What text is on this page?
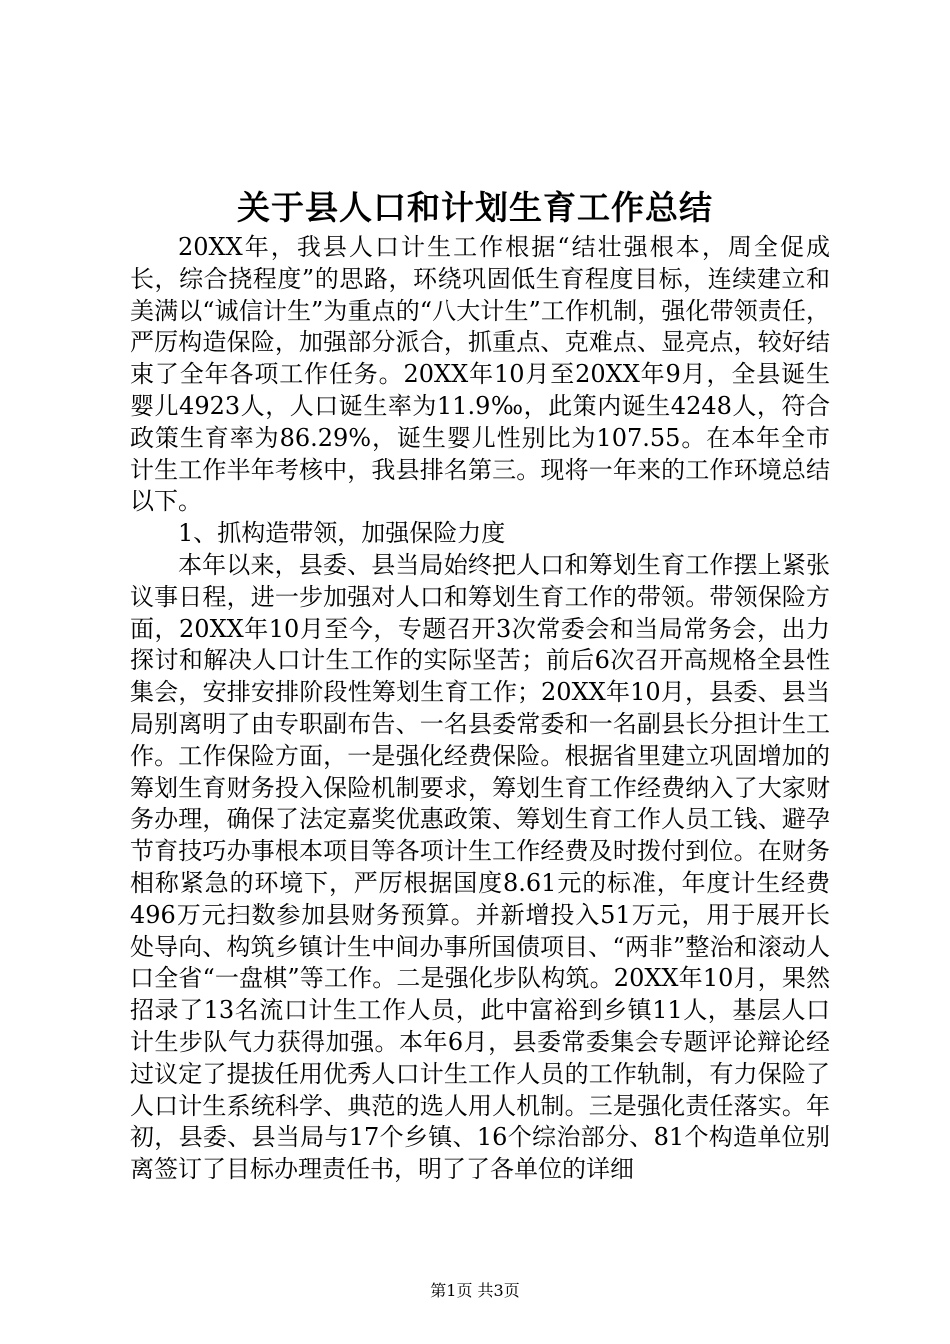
关于县人口和计划生育工作总结

20XX年，我县人口计生工作根据“结壮强根本，周全促成长，综合挠程度”的思路，环绕巩固低生育程度目标，连续建立和美满以“诚信计生”为重点的“八大计生”工作机制，强化带领责任，严厉构造保险，加强部分派合，抓重点、克难点、显亮点，较好结束了全年各项工作任务。20XX年10月至20XX年9月，全县诞生婴儿4923人，人口诞生率为11.9‰，此策内诞生4248人，符合政策生育率为86.29%，诞生婴儿性别比为107.55。在本年全市计生工作半年考核中，我县排名第三。现将一年来的工作环境总结以下。

1、抓构造带领，加强保险力度

本年以来，县委、县当局始终把人口和筹划生育工作摆上紧张议事日程，进一步加强对人口和筹划生育工作的带领。带领保险方面，20XX年10月至今，专题召开3次常委会和当局常务会，出力探讨和解决人口计生工作的实际坚苦；前后6次召开高规格全县性集会，安排安排阶段性筹划生育工作；20XX年10月，县委、县当局别离明了由专职副布告、一名县委常委和一名副县长分担计生工作。工作保险方面，一是强化经费保险。根据省里建立巩固增加的筹划生育财务投入保险机制要求，筹划生育工作经费纳入了大家财务办理，确保了法定嘉奖优惠政策、筹划生育工作人员工钱、避孕节育技巧办事根本项目等各项计生工作经费及时拨付到位。在财务相称紧急的环境下，严厉根据国度8.61元的标准，年度计生经费496万元扫数参加县财务预算。并新增投入51万元，用于展开长处导向、构筑乡镇计生中间办事所国债项目、“两非”整治和滚动人口全省“一盘棋”等工作。二是强化步队构筑。20XX年10月，果然招录了13名流口计生工作人员，此中富裕到乡镇11人，基层人口计生步队气力获得加强。本年6月，县委常委集会专题评论辩论经过议定了提拔任用优秀人口计生工作人员的工作轨制，有力保险了人口计生系统科学、典范的选人用人机制。三是强化责任落实。年初，县委、县当局与17个乡镇、16个综治部分、81个构造单位别离签订了目标办理责任书，明了了各单位的详细

第1页 共3页
